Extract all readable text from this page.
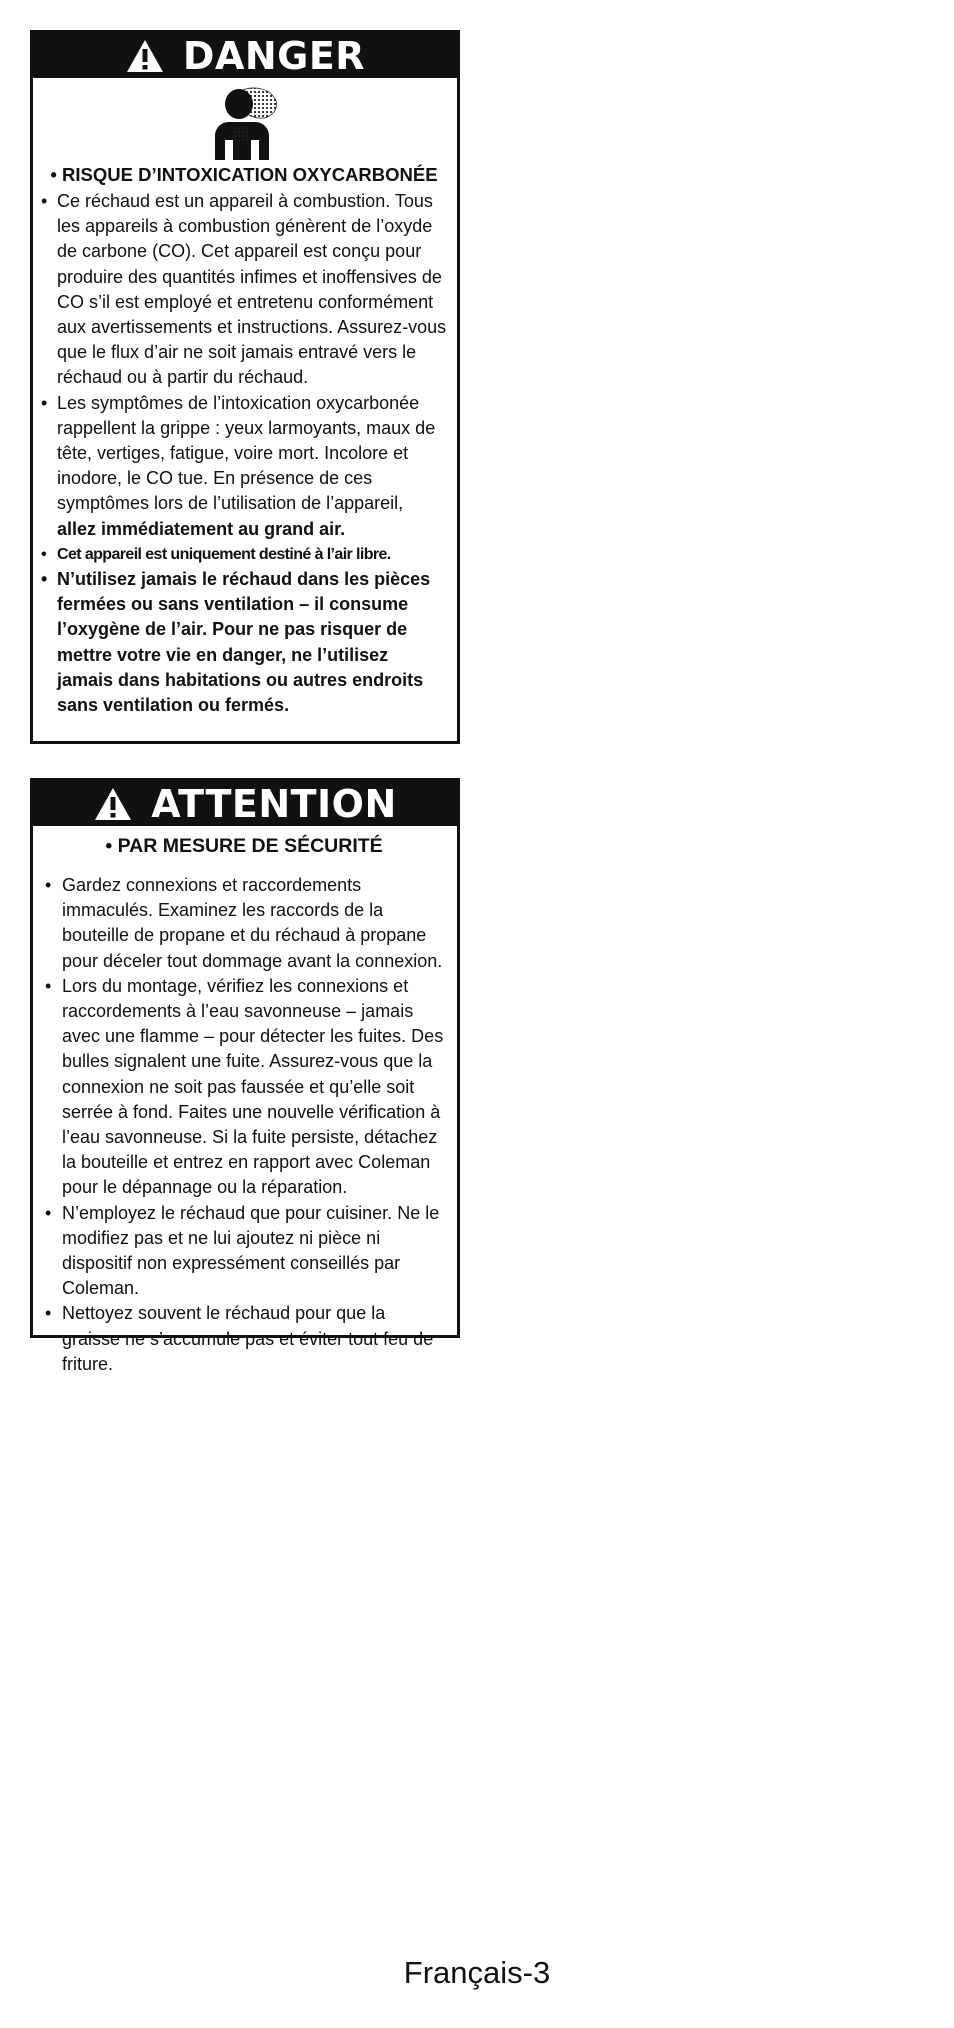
DANGER
• RISQUE D’INTOXICATION OXYCARBONÉE
• Ce réchaud est un appareil à combustion. Tous les appareils à combustion génèrent de l’oxyde de carbone (CO). Cet appareil est conçu pour produire des quantités infimes et inoffensives de CO s’il est employé et entretenu conformément aux avertissements et instructions. Assurez-vous que le flux d’air ne soit jamais entravé vers le réchaud ou à partir du réchaud.
• Les symptômes de l’intoxication oxycarbonée rappellent la grippe : yeux larmoyants, maux de tête, vertiges, fatigue, voire mort. Incolore et inodore, le CO tue. En présence de ces symptômes lors de l’utilisation de l’appareil, allez immédiatement au grand air.
• Cet appareil est uniquement destiné à l’air libre.
• N’utilisez jamais le réchaud dans les pièces fermées ou sans ventilation – il consume l’oxygène de l’air. Pour ne pas risquer de mettre votre vie en danger, ne l’utilisez jamais dans habitations ou autres endroits sans ventilation ou fermés.
ATTENTION
• PAR MESURE DE SÉCURITÉ
• Gardez connexions et raccordements immaculés. Examinez les raccords de la bouteille de propane et du réchaud à propane pour déceler tout dommage avant la connexion.
• Lors du montage, vérifiez les connexions et raccordements à l’eau savonneuse – jamais avec une flamme – pour détecter les fuites. Des bulles signalent une fuite. Assurez-vous que la connexion ne soit pas faussée et qu’elle soit serrée à fond. Faites une nouvelle vérification à l’eau savonneuse. Si la fuite persiste, détachez la bouteille et entrez en rapport avec Coleman pour le dépannage ou la réparation.
• N’employez le réchaud que pour cuisiner. Ne le modifiez pas et ne lui ajoutez ni pièce ni dispositif non expressément conseillés par Coleman.
• Nettoyez souvent le réchaud pour que la graisse ne s’accumule pas et éviter tout feu de friture.
Français-3
